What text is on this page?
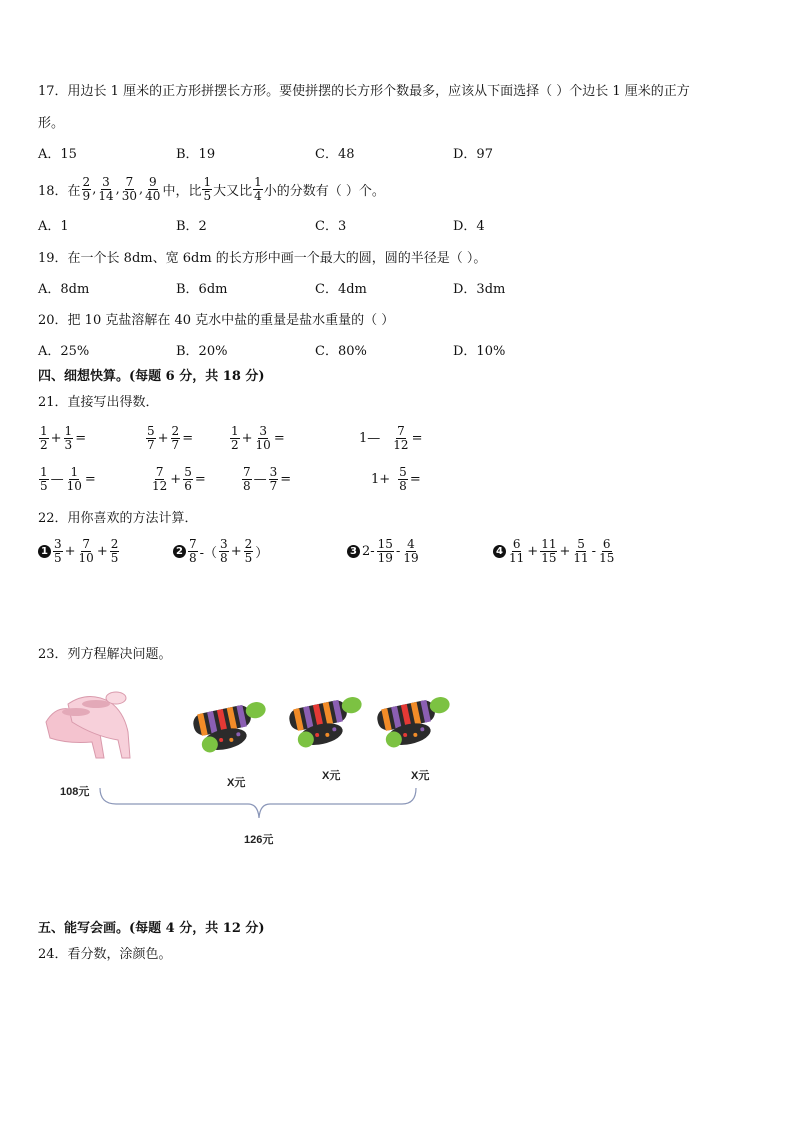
17．用边长 1 厘米的正方形拼摆长方形。要使拼摆的长方形个数最多，应该从下面选择（ ）个边长 1 厘米的正方
形。
A．15	B．19	C．48	D．97
18．在 $\frac{2}{9}$ , $\frac{3}{14}$ , $\frac{7}{30}$ , $\frac{9}{40}$ 中，比 $\frac{1}{5}$ 大又比 $\frac{1}{4}$ 小的分数有（ ）个。
A．1	B．2	C．3	D．4
19．在一个长 8dm、宽 6dm 的长方形中画一个最大的圆，圆的半径是（ ）。
A．8dm	B．6dm	C．4dm	D．3dm
20．把 10 克盐溶解在 40 克水中盐的重量是盐水重量的（ ）
A．25%	B．20%	C．80%	D．10%
四、细想快算。(每题 6 分，共 18 分)
21．直接写出得数．
$\frac{1}{2} + \frac{1}{3}$ =	$\frac{5}{7} + \frac{2}{7}$ =	$\frac{1}{2} + \frac{3}{10}$ =	1— $\frac{7}{12}$ =
$\frac{1}{5}$ — $\frac{1}{10}$ =	$\frac{7}{12} + \frac{5}{6}$ =	$\frac{7}{8}$ — $\frac{3}{7}$ =	$1+ \frac{5}{8}$ =
22．用你喜欢的方法计算．
$1 \frac{3}{5} + \frac{7}{10} + \frac{2}{5}$	$2 \frac{7}{8}$ -（ $\frac{3}{8} + \frac{2}{5}$ ）	3 $2- \frac{15}{19} - \frac{4}{19}$	$4 \frac{6}{11} + \frac{11}{15} + \frac{5}{11} - \frac{6}{15}$
23．列方程解决问题。
108元
X元
X元	X元
126元
五、能写会画。(每题 4 分，共 12 分)
24．看分数，涂颜色。
